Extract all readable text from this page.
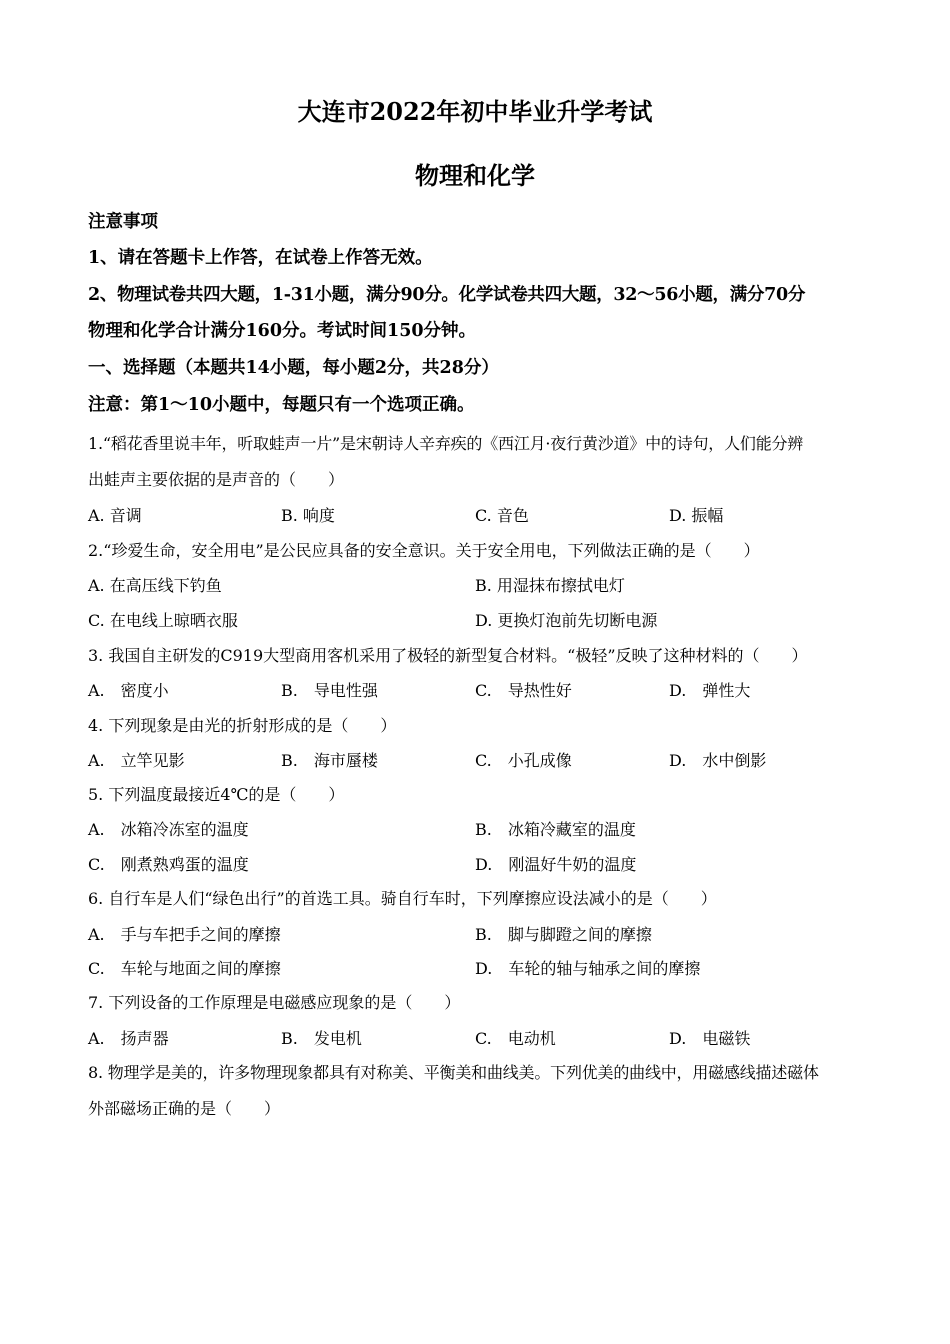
大连市2022年初中毕业升学考试
物理和化学
注意事项
1、请在答题卡上作答，在试卷上作答无效。
2、物理试卷共四大题，1-31小题，满分90分。化学试卷共四大题，32～56小题，满分70分
物理和化学合计满分160分。考试时间150分钟。
一、选择题（本题共14小题，每小题2分，共28分）
注意：第1～10小题中，每题只有一个选项正确。
1.“稻花香里说丰年，听取蛙声一片”是宋朝诗人辛弃疾的《西江月·夜行黄沙道》中的诗句，人们能分辨
出蛙声主要依据的是声音的（　　）
A. 音调	B. 响度	C. 音色	D. 振幅
2.“珍爱生命，安全用电”是公民应具备的安全意识。关于安全用电，下列做法正确的是（　　）
A. 在高压线下钓鱼	B. 用湿抹布擦拭电灯
C. 在电线上晾晒衣服	D. 更换灯泡前先切断电源
3. 我国自主研发的C919大型商用客机采用了极轻的新型复合材料。“极轻”反映了这种材料的（　　）
A.　密度小	B.　导电性强	C.　导热性好	D.　弹性大
4. 下列现象是由光的折射形成的是（　　）
A.　立竿见影	B.　海市蜃楼	C.　小孔成像	D.　水中倒影
5. 下列温度最接近4℃的是（　　）
A.　冰箱冷冻室的温度	B.　冰箱冷藏室的温度
C.　刚煮熟鸡蛋的温度	D.　刚温好牛奶的温度
6. 自行车是人们“绿色出行”的首选工具。骑自行车时，下列摩擦应设法减小的是（　　）
A.　手与车把手之间的摩擦	B.　脚与脚蹬之间的摩擦
C.　车轮与地面之间的摩擦	D.　车轮的轴与轴承之间的摩擦
7. 下列设备的工作原理是电磁感应现象的是（　　）
A.　扬声器	B.　发电机	C.　电动机	D.　电磁铁
8. 物理学是美的，许多物理现象都具有对称美、平衡美和曲线美。下列优美的曲线中，用磁感线描述磁体
外部磁场正确的是（　　）
